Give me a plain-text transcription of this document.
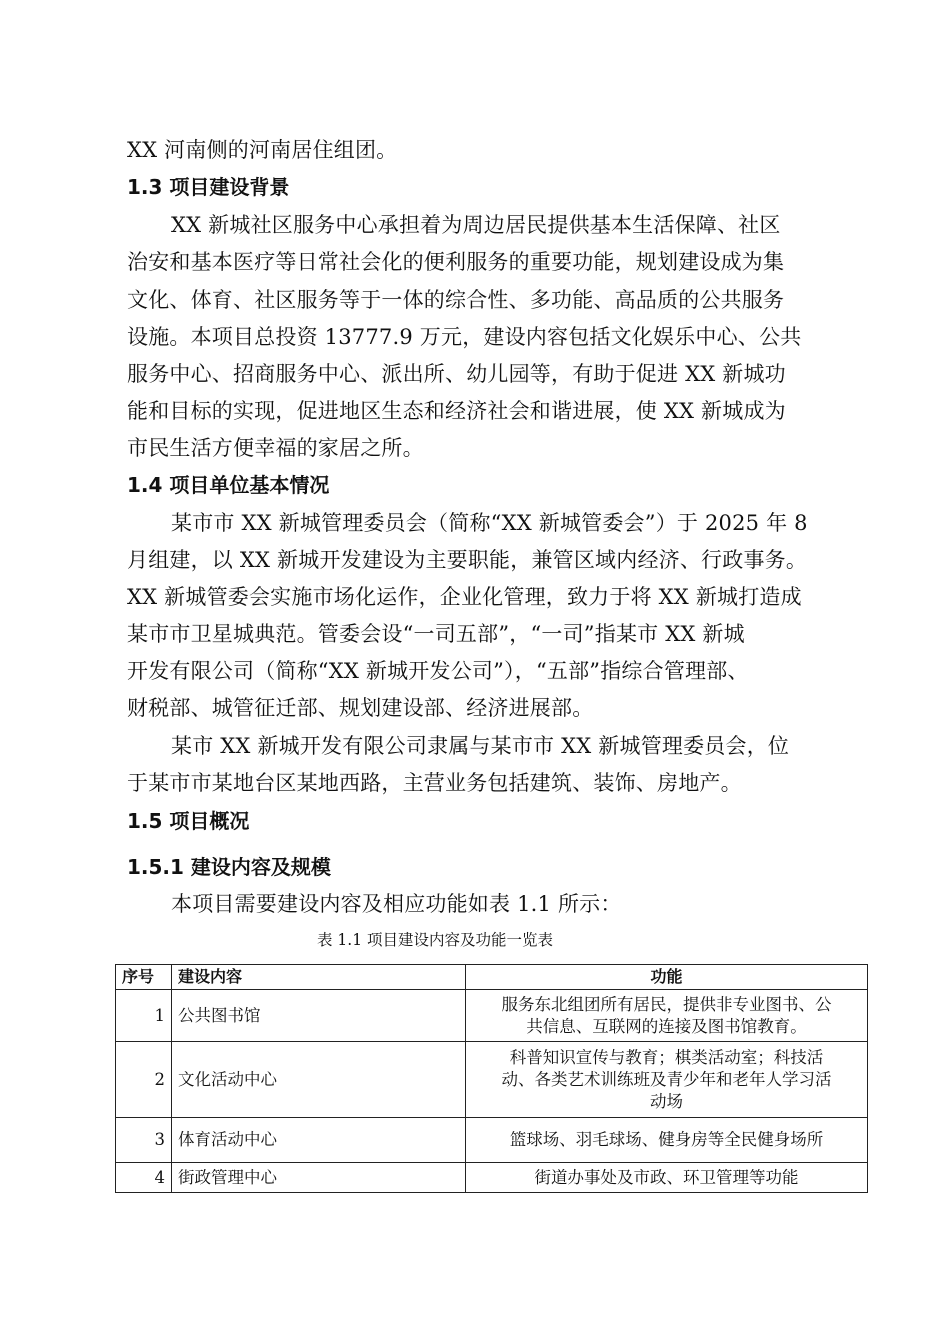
XX 河南侧的河南居住组团。
1.3 项目建设背景
XX 新城社区服务中心承担着为周边居民提供基本生活保障、社区
治安和基本医疗等日常社会化的便利服务的重要功能，规划建设成为集
文化、体育、社区服务等于一体的综合性、多功能、高品质的公共服务
设施。本项目总投资 13777.9 万元，建设内容包括文化娱乐中心、公共
服务中心、招商服务中心、派出所、幼儿园等，有助于促进 XX 新城功
能和目标的实现，促进地区生态和经济社会和谐进展，使 XX 新城成为
市民生活方便幸福的家居之所。
1.4 项目单位基本情况
某市市 XX 新城管理委员会（简称“XX 新城管委会”）于 2025 年 8
月组建，以 XX 新城开发建设为主要职能，兼管区域内经济、行政事务。
XX 新城管委会实施市场化运作，企业化管理，致力于将 XX 新城打造成
某市市卫星城典范。管委会设“一司五部”，“一司”指某市 XX 新城
开发有限公司（简称“XX 新城开发公司”），“五部”指综合管理部、
财税部、城管征迁部、规划建设部、经济进展部。
某市 XX 新城开发有限公司隶属与某市市 XX 新城管理委员会，位
于某市市某地台区某地西路，主营业务包括建筑、装饰、房地产。
1.5 项目概况
1.5.1 建设内容及规模
本项目需要建设内容及相应功能如表 1.1 所示：
表 1.1 项目建设内容及功能一览表
序号	建设内容	功能
1	公共图书馆	服务东北组团所有居民，提供非专业图书、公
共信息、互联网的连接及图书馆教育。

2	文化活动中心	科普知识宣传与教育；棋类活动室；科技活
动、各类艺术训练班及青少年和老年人学习活
动场

3	体育活动中心	篮球场、羽毛球场、健身房等全民健身场所

4	街政管理中心	街道办事处及市政、环卫管理等功能
